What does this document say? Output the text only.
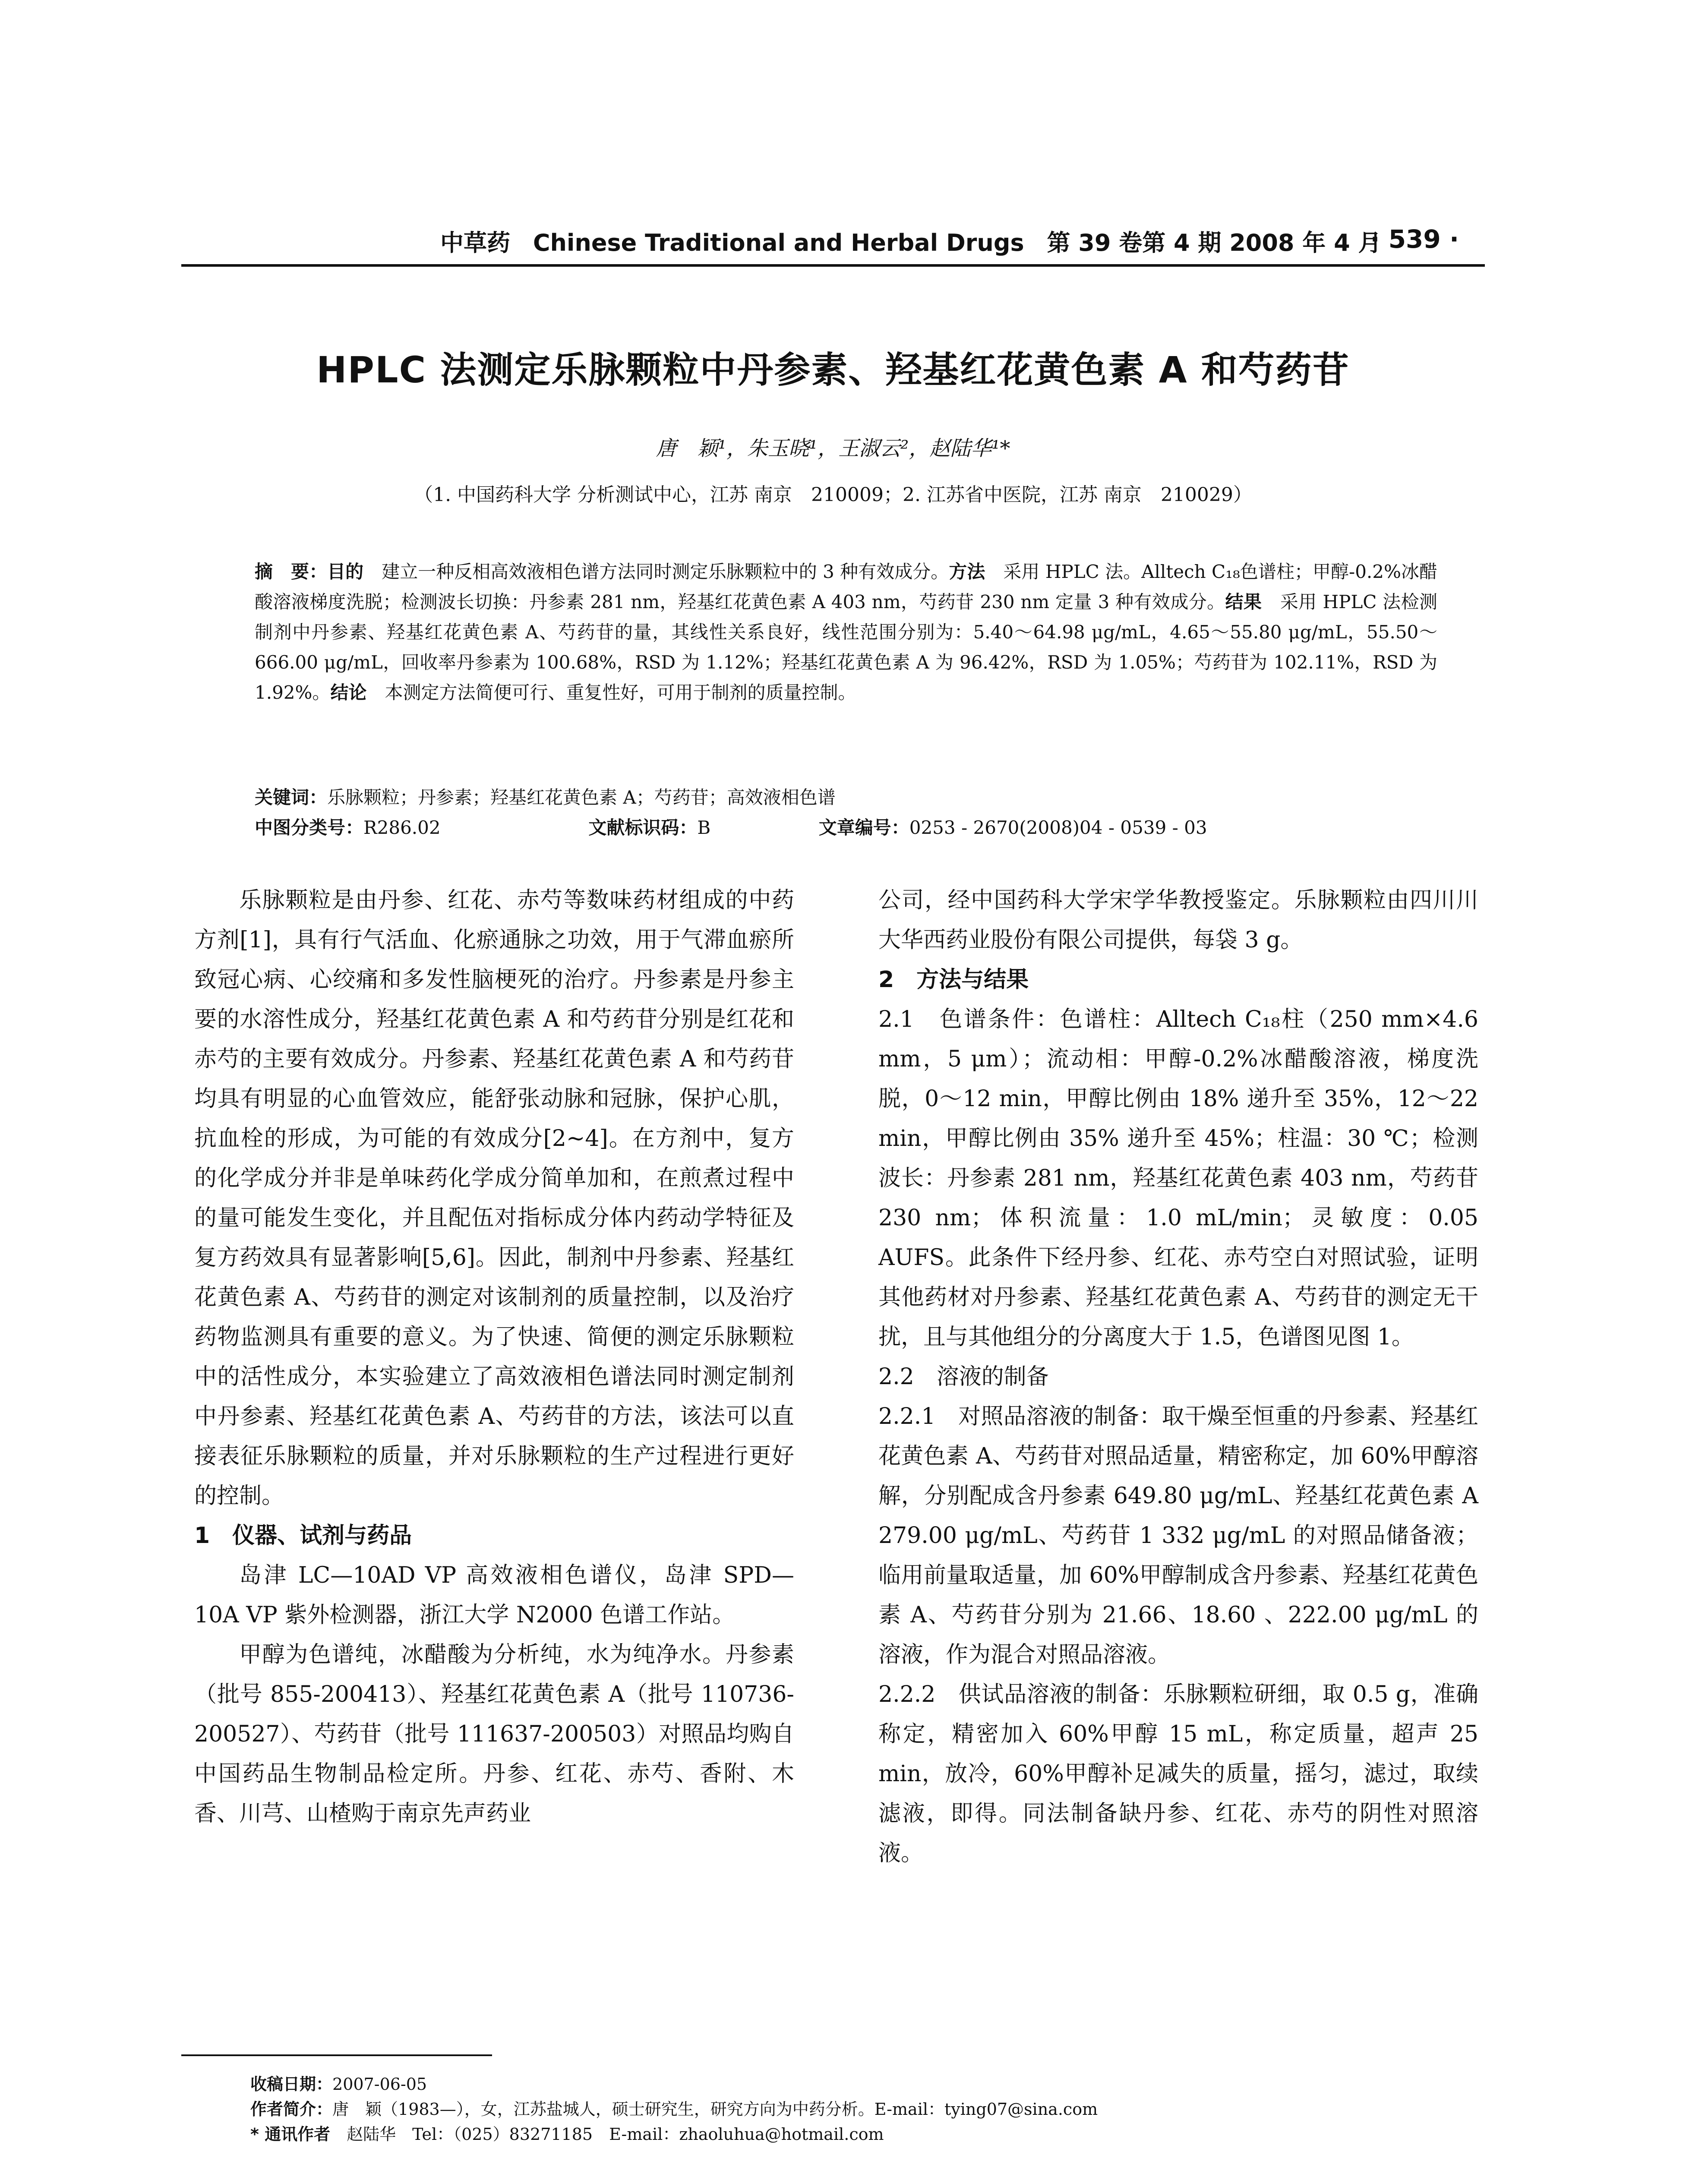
中草药 Chinese Traditional and Herbal Drugs 第 39 卷第 4 期 2008 年 4 月
· 539 ·
HPLC 法测定乐脉颗粒中丹参素、羟基红花黄色素 A 和芍药苷
唐　颖¹，朱玉晓¹，王淑云²，赵陆华¹*
（1. 中国药科大学 分析测试中心，江苏 南京　210009；2. 江苏省中医院，江苏 南京　210029）
摘　要：目的　 建立一种反相高效液相色谱方法同时测定乐脉颗粒中的 3 种有效成分。方法　 采用 HPLC 法。Alltech C₁₈色谱柱；甲醇-0.2%冰醋酸溶液梯度洗脱；检测波长切换：丹参素 281 nm，羟基红花黄色素 A 403 nm，芍药苷 230 nm 定量 3 种有效成分。结果　 采用 HPLC 法检测制剂中丹参素、羟基红花黄色素 A、芍药苷的量，其线性关系良好，线性范围分别为：5.40～64.98 μg/mL，4.65～55.80 μg/mL，55.50～666.00 μg/mL，回收率丹参素为 100.68%，RSD 为 1.12%；羟基红花黄色素 A 为 96.42%，RSD 为 1.05%；芍药苷为 102.11%，RSD 为 1.92%。结论　 本测定方法简便可行、重复性好，可用于制剂的质量控制。
关键词：乐脉颗粒；丹参素；羟基红花黄色素 A；芍药苷；高效液相色谱
中图分类号：R286.02	文献标识码：B	文章编号：0253 - 2670(2008)04 - 0539 - 03

乐脉颗粒是由丹参、红花、赤芍等数味药材组成的中药方剂[1]，具有行气活血、化瘀通脉之功效，用于气滞血瘀所致冠心病、心绞痛和多发性脑梗死的治疗。丹参素是丹参主要的水溶性成分，羟基红花黄色素 A 和芍药苷分别是红花和赤芍的主要有效成分。丹参素、羟基红花黄色素 A 和芍药苷均具有明显的心血管效应，能舒张动脉和冠脉，保护心肌，抗血栓的形成，为可能的有效成分[2~4]。在方剂中，复方的化学成分并非是单味药化学成分简单加和，在煎煮过程中的量可能发生变化，并且配伍对指标成分体内药动学特征及复方药效具有显著影响[5,6]。因此，制剂中丹参素、羟基红花黄色素 A、芍药苷的测定对该制剂的质量控制，以及治疗药物监测具有重要的意义。为了快速、简便的测定乐脉颗粒中的活性成分，本实验建立了高效液相色谱法同时测定制剂中丹参素、羟基红花黄色素 A、芍药苷的方法，该法可以直接表征乐脉颗粒的质量，并对乐脉颗粒的生产过程进行更好的控制。

1　仪器、试剂与药品

岛津 LC—10AD VP 高效液相色谱仪，岛津 SPD—10A VP 紫外检测器，浙江大学 N2000 色谱工作站。

甲醇为色谱纯，冰醋酸为分析纯，水为纯净水。丹参素（批号 855-200413）、羟基红花黄色素 A（批号 110736-200527）、芍药苷（批号 111637-200503）对照品均购自中国药品生物制品检定所。丹参、红花、赤芍、香附、木香、川芎、山楂购于南京先声药业

公司，经中国药科大学宋学华教授鉴定。乐脉颗粒由四川川大华西药业股份有限公司提供，每袋 3 g。

2　方法与结果

2.1　色谱条件：色谱柱：Alltech C₁₈柱（250 mm×4.6 mm，5 μm）；流动相：甲醇-0.2%冰醋酸溶液，梯度洗脱，0～12 min，甲醇比例由 18% 递升至 35%，12～22 min，甲醇比例由 35% 递升至 45%；柱温：30 ℃；检测波长：丹参素 281 nm，羟基红花黄色素 403 nm，芍药苷 230 nm；体积流量：1.0 mL/min；灵敏度：0.05 AUFS。此条件下经丹参、红花、赤芍空白对照试验，证明其他药材对丹参素、羟基红花黄色素 A、芍药苷的测定无干扰，且与其他组分的分离度大于 1.5，色谱图见图 1。

2.2　溶液的制备

2.2.1　对照品溶液的制备：取干燥至恒重的丹参素、羟基红花黄色素 A、芍药苷对照品适量，精密称定，加 60%甲醇溶解，分别配成含丹参素 649.80 μg/mL、羟基红花黄色素 A 279.00 μg/mL、芍药苷 1 332 μg/mL 的对照品储备液；临用前量取适量，加 60%甲醇制成含丹参素、羟基红花黄色素 A、芍药苷分别为 21.66、18.60 、222.00 μg/mL 的溶液，作为混合对照品溶液。

2.2.2　供试品溶液的制备：乐脉颗粒研细，取 0.5 g，准确称定，精密加入 60%甲醇 15 mL，称定质量，超声 25 min，放冷，60%甲醇补足减失的质量，摇匀，滤过，取续滤液，即得。同法制备缺丹参、红花、赤芍的阴性对照溶液。

收稿日期：2007-06-05
作者简介：唐　颖（1983—），女，江苏盐城人，硕士研究生，研究方向为中药分析。E-mail：tying07@sina.com
* 通讯作者　赵陆华　Tel：（025）83271185　E-mail：zhaoluhua@hotmail.com
